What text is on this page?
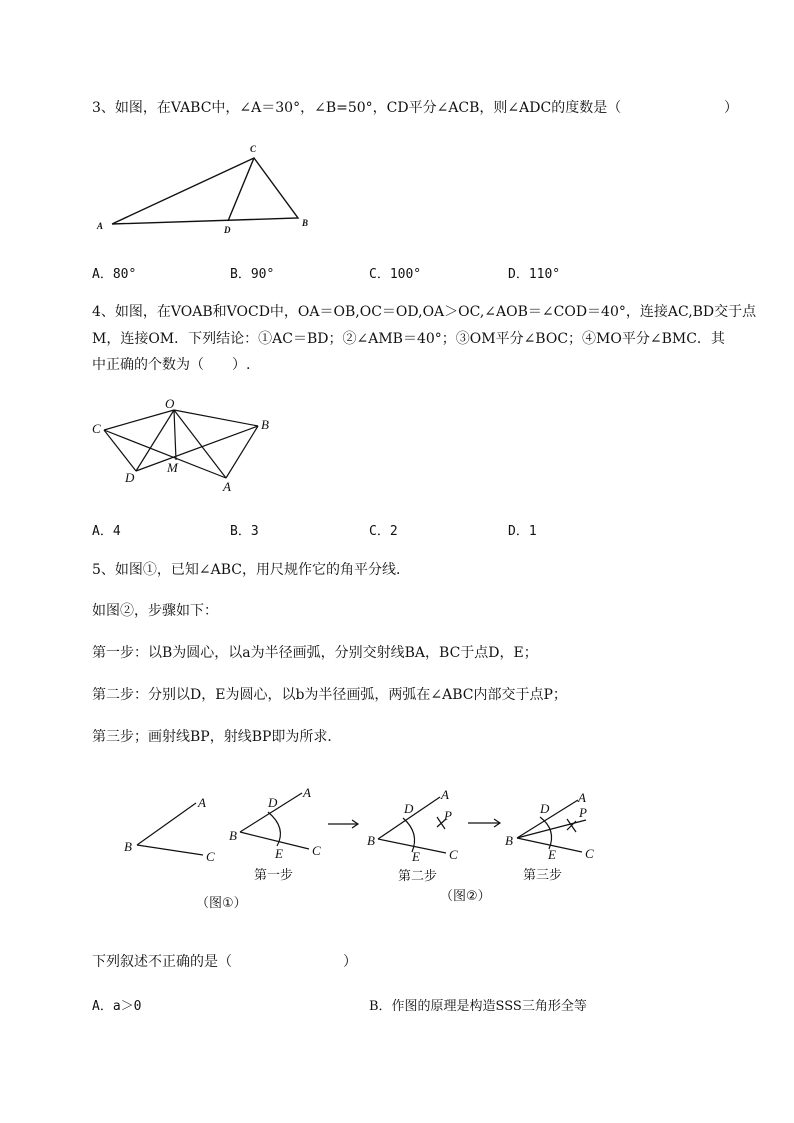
3、如图，在V​ABC中，∠A＝30°，∠B=50°，CD平分∠ACB，则∠ADC的度数是（	）
A	B
C
D
A．80°	B．90°	C．100°	D．110°
4、如图，在VOAB和VOCD中，OA＝OB,OC＝OD,OA＞OC,∠AOB＝∠COD＝40°，连接AC,BD交于点
M，连接OM．下列结论：①AC＝BD；②∠AMB＝40°；③OM平分∠BOC；④MO平分∠BMC．其
中正确的个数为（　　）.
O
C	B
D
M
A
A．4	B．3	C．2	D．1
5、如图①，已知∠ABC，用尺规作它的角平分线．
如图②，步骤如下：
第一步：以B为圆心，以a为半径画弧，分别交射线BA，BC于点D，E；
第二步：分别以D，E为圆心，以b为半径画弧，两弧在∠ABC内部交于点P；
第三步；画射线BP，射线BP即为所求．
A
B
C
A
D
B
E C
第一步
（图①）
A
D P
B
E C
第二步
（图②）
A
D P
B
E C
第三步
下列叙述不正确的是（	）
A．a＞0	B．作图的原理是构造SSS三角形全等
